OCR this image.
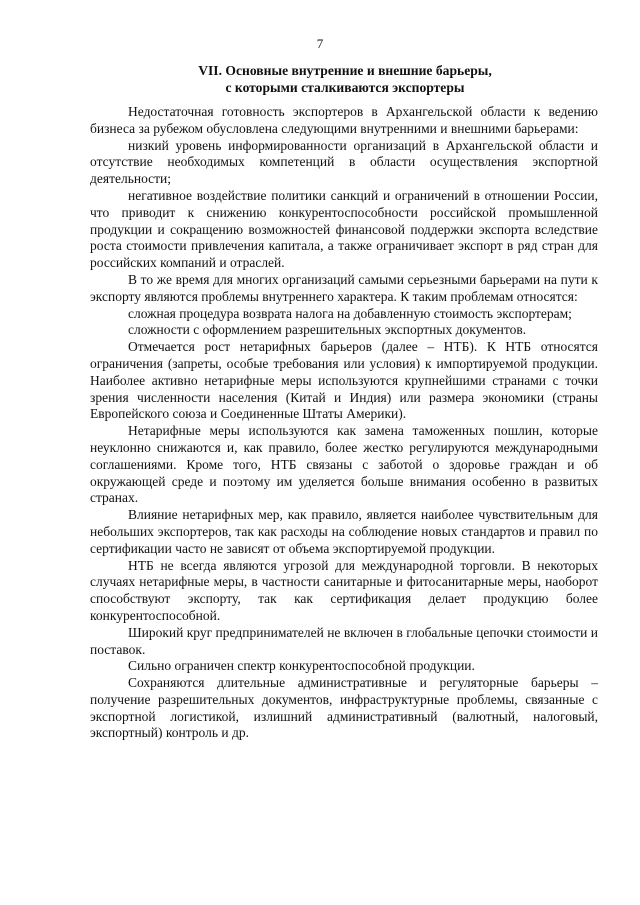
7
VII. Основные внутренние и внешние барьеры,
с которыми сталкиваются экспортеры

Недостаточная готовность экспортеров в Архангельской области к ведению бизнеса за рубежом обусловлена следующими внутренними и внешними барьерами:

низкий уровень информированности организаций в Архангельской области и отсутствие необходимых компетенций в области осуществления экспортной деятельности;

негативное воздействие политики санкций и ограничений в отношении России, что приводит к снижению конкурентоспособности российской промышленной продукции и сокращению возможностей финансовой поддержки экспорта вследствие роста стоимости привлечения капитала, а также ограничивает экспорт в ряд стран для российских компаний и отраслей.

В то же время для многих организаций самыми серьезными барьерами на пути к экспорту являются проблемы внутреннего характера. К таким проблемам относятся:

сложная процедура возврата налога на добавленную стоимость экспортерам;

сложности с оформлением разрешительных экспортных документов.

Отмечается рост нетарифных барьеров (далее – НТБ). К НТБ относятся ограничения (запреты, особые требования или условия) к импортируемой продукции. Наиболее активно нетарифные меры используются крупнейшими странами с точки зрения численности населения (Китай и Индия) или размера экономики (страны Европейского союза и Соединенные Штаты Америки).

Нетарифные меры используются как замена таможенных пошлин, которые неуклонно снижаются и, как правило, более жестко регулируются международными соглашениями. Кроме того, НТБ связаны с заботой о здоровье граждан и об окружающей среде и поэтому им уделяется больше внимания особенно в развитых странах.

Влияние нетарифных мер, как правило, является наиболее чувствительным для небольших экспортеров, так как расходы на соблюдение новых стандартов и правил по сертификации часто не зависят от объема экспортируемой продукции.

НТБ не всегда являются угрозой для международной торговли. В некоторых случаях нетарифные меры, в частности санитарные и фитосанитарные меры, наоборот способствуют экспорту, так как сертификация делает продукцию более конкурентоспособной.

Широкий круг предпринимателей не включен в глобальные цепочки стоимости и поставок.

Сильно ограничен спектр конкурентоспособной продукции.

Сохраняются длительные административные и регуляторные барьеры – получение разрешительных документов, инфраструктурные проблемы, связанные с экспортной логистикой, излишний административный (валютный, налоговый, экспортный) контроль и др.
